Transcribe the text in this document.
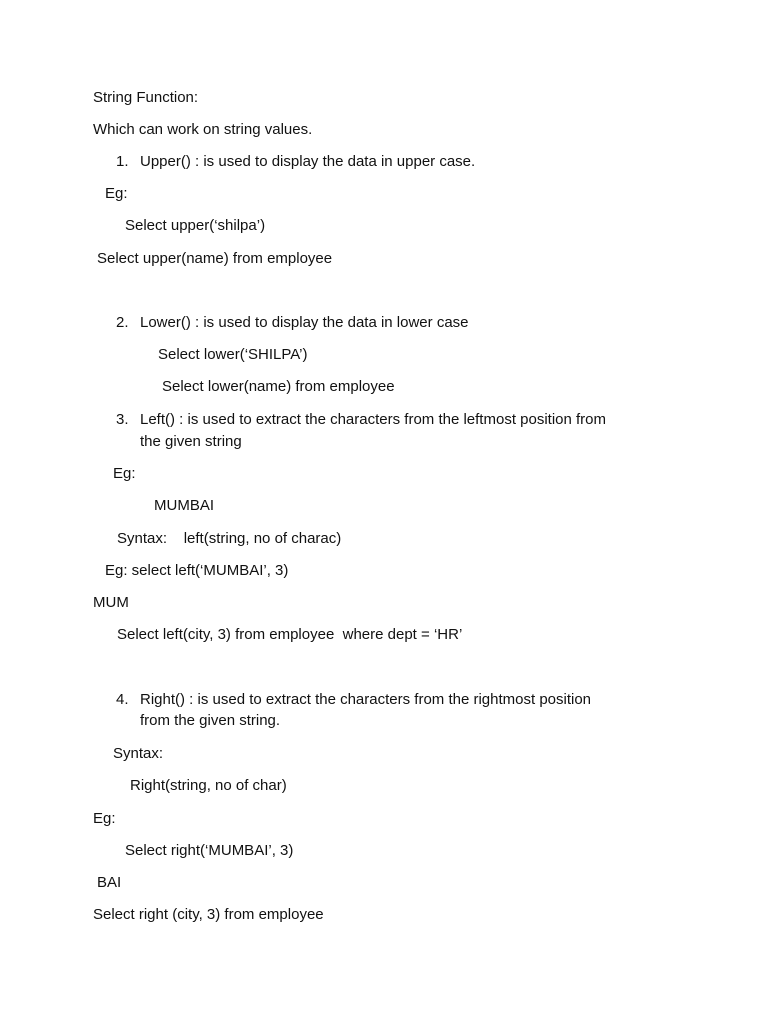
String Function:
Which can work on string values.
1. Upper() : is used to display the data in upper case.
Eg:
Select upper(‘shilpa’)
Select upper(name) from employee
2. Lower() : is used to display the data in lower case
Select lower(‘SHILPA’)
Select lower(name) from employee
3. Left() : is used to extract the characters from the leftmost position from
the given string
Eg:
MUMBAI
Syntax:    left(string, no of charac)
Eg: select left(‘MUMBAI’, 3)
MUM
Select left(city, 3) from employee  where dept = ‘HR’
4. Right() : is used to extract the characters from the rightmost position
from the given string.
Syntax:
Right(string, no of char)
Eg:
Select right(‘MUMBAI’, 3)
BAI
Select right (city, 3) from employee
